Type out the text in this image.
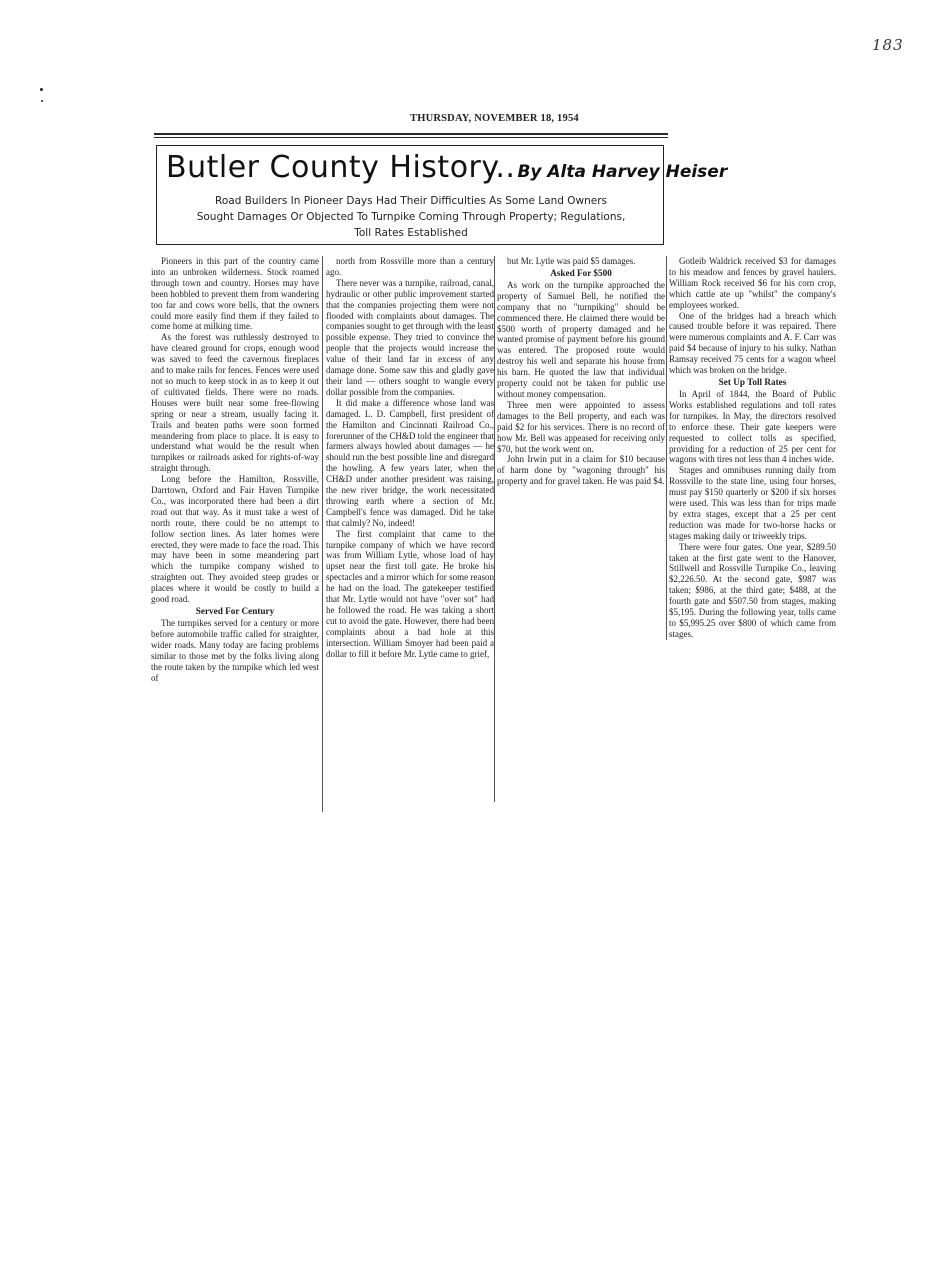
183
THURSDAY, NOVEMBER 18, 1954
Butler County History.. By Alta Harvey Heiser
Road Builders In Pioneer Days Had Their Difficulties As Some Land Owners Sought Damages Or Objected To Turnpike Coming Through Property; Regulations, Toll Rates Established

Pioneers in this part of the country came into an unbroken wilderness. Stock roamed through town and country. Horses may have been hobbled to prevent them from wandering too far and cows wore bells, that the owners could more easily find them if they failed to come home at milking time.

As the forest was ruthlessly destroyed to have cleared ground for crops, enough wood was saved to feed the cavernous fireplaces and to make rails for fences. Fences were used not so much to keep stock in as to keep it out of cultivated fields. There were no roads. Houses were built near some free-flowing spring or near a stream, usually facing it. Trails and beaten paths were soon formed meandering from place to place. It is easy to understand what would be the result when turnpikes or railroads asked for rights-of-way straight through.

Long before the Hamilton, Rossville, Darrtown, Oxford and Fair Haven Turnpike Co., was incorporated there had been a dirt road out that way. As it must take a west of north route, there could be no attempt to follow section lines. As later homes were erected, they were made to face the road. This may have been in some meandering part which the turnpike company wished to straighten out. They avoided steep grades or places where it would be costly to build a good road.

Served For Century

The turnpikes served for a century or more before automobile traffic called for straighter, wider roads. Many today are facing problems similar to those met by the folks living along the route taken by the turnpike which led west of

north from Rossville more than a century ago.

There never was a turnpike, railroad, canal, hydraulic or other public improvement started that the companies projecting them were not flooded with complaints about damages. The companies sought to get through with the least possible expense. They tried to convince the people that the projects would increase the value of their land far in excess of any damage done. Some saw this and gladly gave their land — others sought to wangle every dollar possible from the companies.

It did make a difference whose land was damaged. L. D. Campbell, first president of the Hamilton and Cincinnati Railroad Co., forerunner of the CH&D told the engineer that farmers always howled about damages — he should run the best possible line and disregard the howling. A few years later, when the CH&D under another president was raising, the new river bridge, the work necessitated throwing earth where a section of Mr. Campbell's fence was damaged. Did he take that calmly? No, indeed!

The first complaint that came to the turnpike company of which we have record was from William Lytle, whose load of hay upset near the first toll gate. He broke his spectacles and a mirror which for some reason he had on the load. The gatekeeper testified that Mr. Lytle would not have "over sot" had he followed the road. He was taking a short cut to avoid the gate. However, there had been complaints about a bad hole at this intersection. William Smoyer had been paid a dollar to fill it before Mr. Lytle came to grief,

but Mr. Lytle was paid $5 damages.

Asked For $500

As work on the turnpike approached the property of Samuel Bell, he notified the company that no "turnpiking" should be commenced there. He claimed there would be $500 worth of property damaged and he wanted promise of payment before his ground was entered. The proposed route would destroy his well and separate his house from his barn. He quoted the law that individual property could not be taken for public use without money compensation.

Three men were appointed to assess damages to the Bell property, and each was paid $2 for his services. There is no record of how Mr. Bell was appeased for receiving only $70, but the work went on.

John Irwin put in a claim for $10 because of harm done by "wagoning through" his property and for gravel taken. He was paid $4.

Gotleib Waldrick received $3 for damages to his meadow and fences by gravel haulers. William Rock received $6 for his corn crop, which cattle ate up "whilst" the company's employees worked.

One of the bridges had a breach which caused trouble before it was repaired. There were numerous complaints and A. F. Carr was paid $4 because of injury to his sulky. Nathan Ramsay received 75 cents for a wagon wheel which was broken on the bridge.

Set Up Toll Rates

In April of 1844, the Board of Public Works established regulations and toll rates for turnpikes. In May, the directors resolved to enforce these. Their gate keepers were requested to collect tolls as specified, providing for a reduction of 25 per cent for wagons with tires not less than 4 inches wide.

Stages and omnibuses running daily from Rossville to the state line, using four horses, must pay $150 quarterly or $200 if six horses were used. This was less than for trips made by extra stages, except that a 25 per cent reduction was made for two-horse hacks or stages making daily or triweekly trips.

There were four gates. One year, $289.50 taken at the first gate went to the Hanover, Stillwell and Rossville Turnpike Co., leaving $2,226.50. At the second gate, $987 was taken; $986, at the third gate; $488, at the fourth gate and $507.50 from stages, making $5,195. During the following year, tolls came to $5,995.25 over $800 of which came from stages.
